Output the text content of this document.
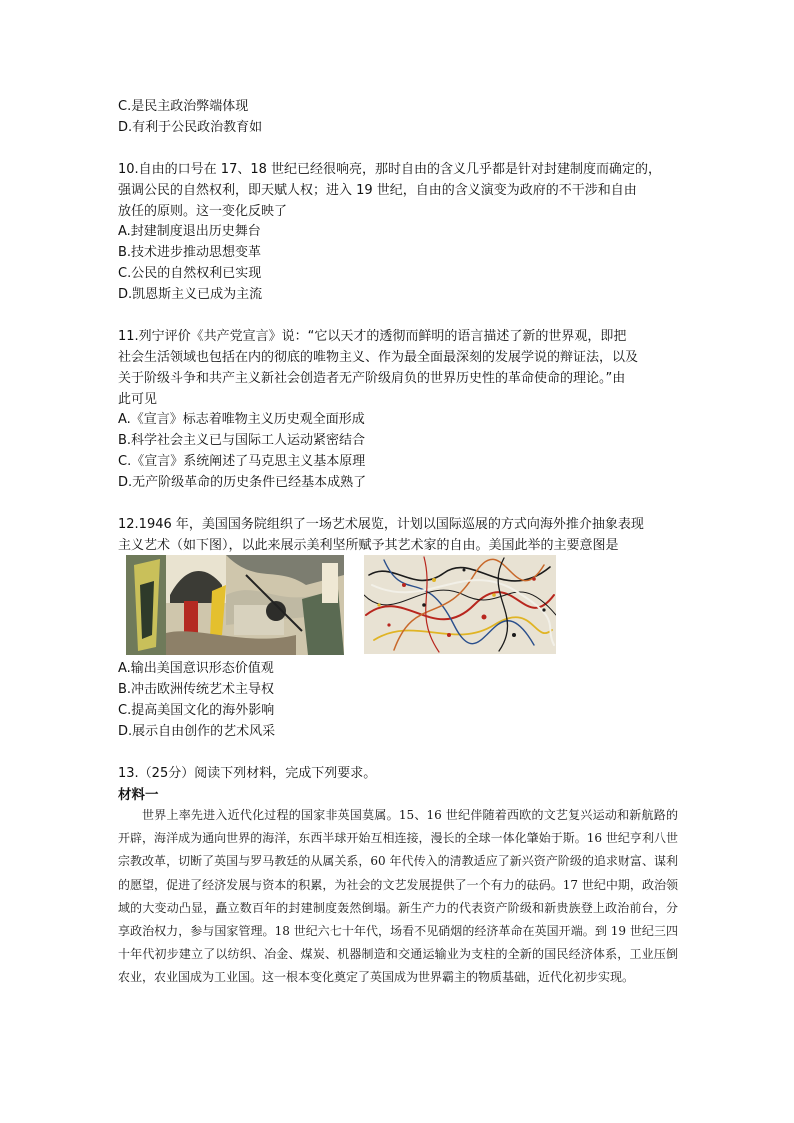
C.是民主政治弊端体现
D.有利于公民政治教育如
10.自由的口号在 17、18 世纪已经很响亮，那时自由的含义几乎都是针对封建制度而确定的，
强调公民的自然权利，即天赋人权；进入 19 世纪，自由的含义演变为政府的不干涉和自由
放任的原则。这一变化反映了
A.封建制度退出历史舞台
B.技术进步推动思想变革
C.公民的自然权利已实现
D.凯恩斯主义已成为主流
11.列宁评价《共产党宣言》说：“它以天才的透彻而鲜明的语言描述了新的世界观，即把
社会生活领域也包括在内的彻底的唯物主义、作为最全面最深刻的发展学说的辩证法，以及
关于阶级斗争和共产主义新社会创造者无产阶级肩负的世界历史性的革命使命的理论。”由
此可见
A.《宣言》标志着唯物主义历史观全面形成
B.科学社会主义已与国际工人运动紧密结合
C.《宣言》系统阐述了马克思主义基本原理
D.无产阶级革命的历史条件已经基本成熟了
12.1946 年，美国国务院组织了一场艺术展览，计划以国际巡展的方式向海外推介抽象表现
主义艺术（如下图），以此来展示美利坚所赋予其艺术家的自由。美国此举的主要意图是
A.输出美国意识形态价值观
B.冲击欧洲传统艺术主导权
C.提高美国文化的海外影响
D.展示自由创作的艺术风采
13.（25分）阅读下列材料，完成下列要求。
材料一
世界上率先进入近代化过程的国家非英国莫属。15、16 世纪伴随着西欧的文艺复兴运动和新航路的开辟，海洋成为通向世界的海洋，东西半球开始互相连接，漫长的全球一体化肇始于斯。16 世纪亨利八世宗教改革，切断了英国与罗马教廷的从属关系，60 年代传入的清教适应了新兴资产阶级的追求财富、谋利的愿望，促进了经济发展与资本的积累，为社会的文艺发展提供了一个有力的砝码。17 世纪中期，政治领域的大变动凸显，矗立数百年的封建制度轰然倒塌。新生产力的代表资产阶级和新贵族登上政治前台，分享政治权力，参与国家管理。18 世纪六七十年代，场看不见硝烟的经济革命在英国开端。到 19 世纪三四十年代初步建立了以纺织、冶金、煤炭、机器制造和交通运输业为支柱的全新的国民经济体系，工业压倒农业，农业国成为工业国。这一根本变化奠定了英国成为世界霸主的物质基础，近代化初步实现。
